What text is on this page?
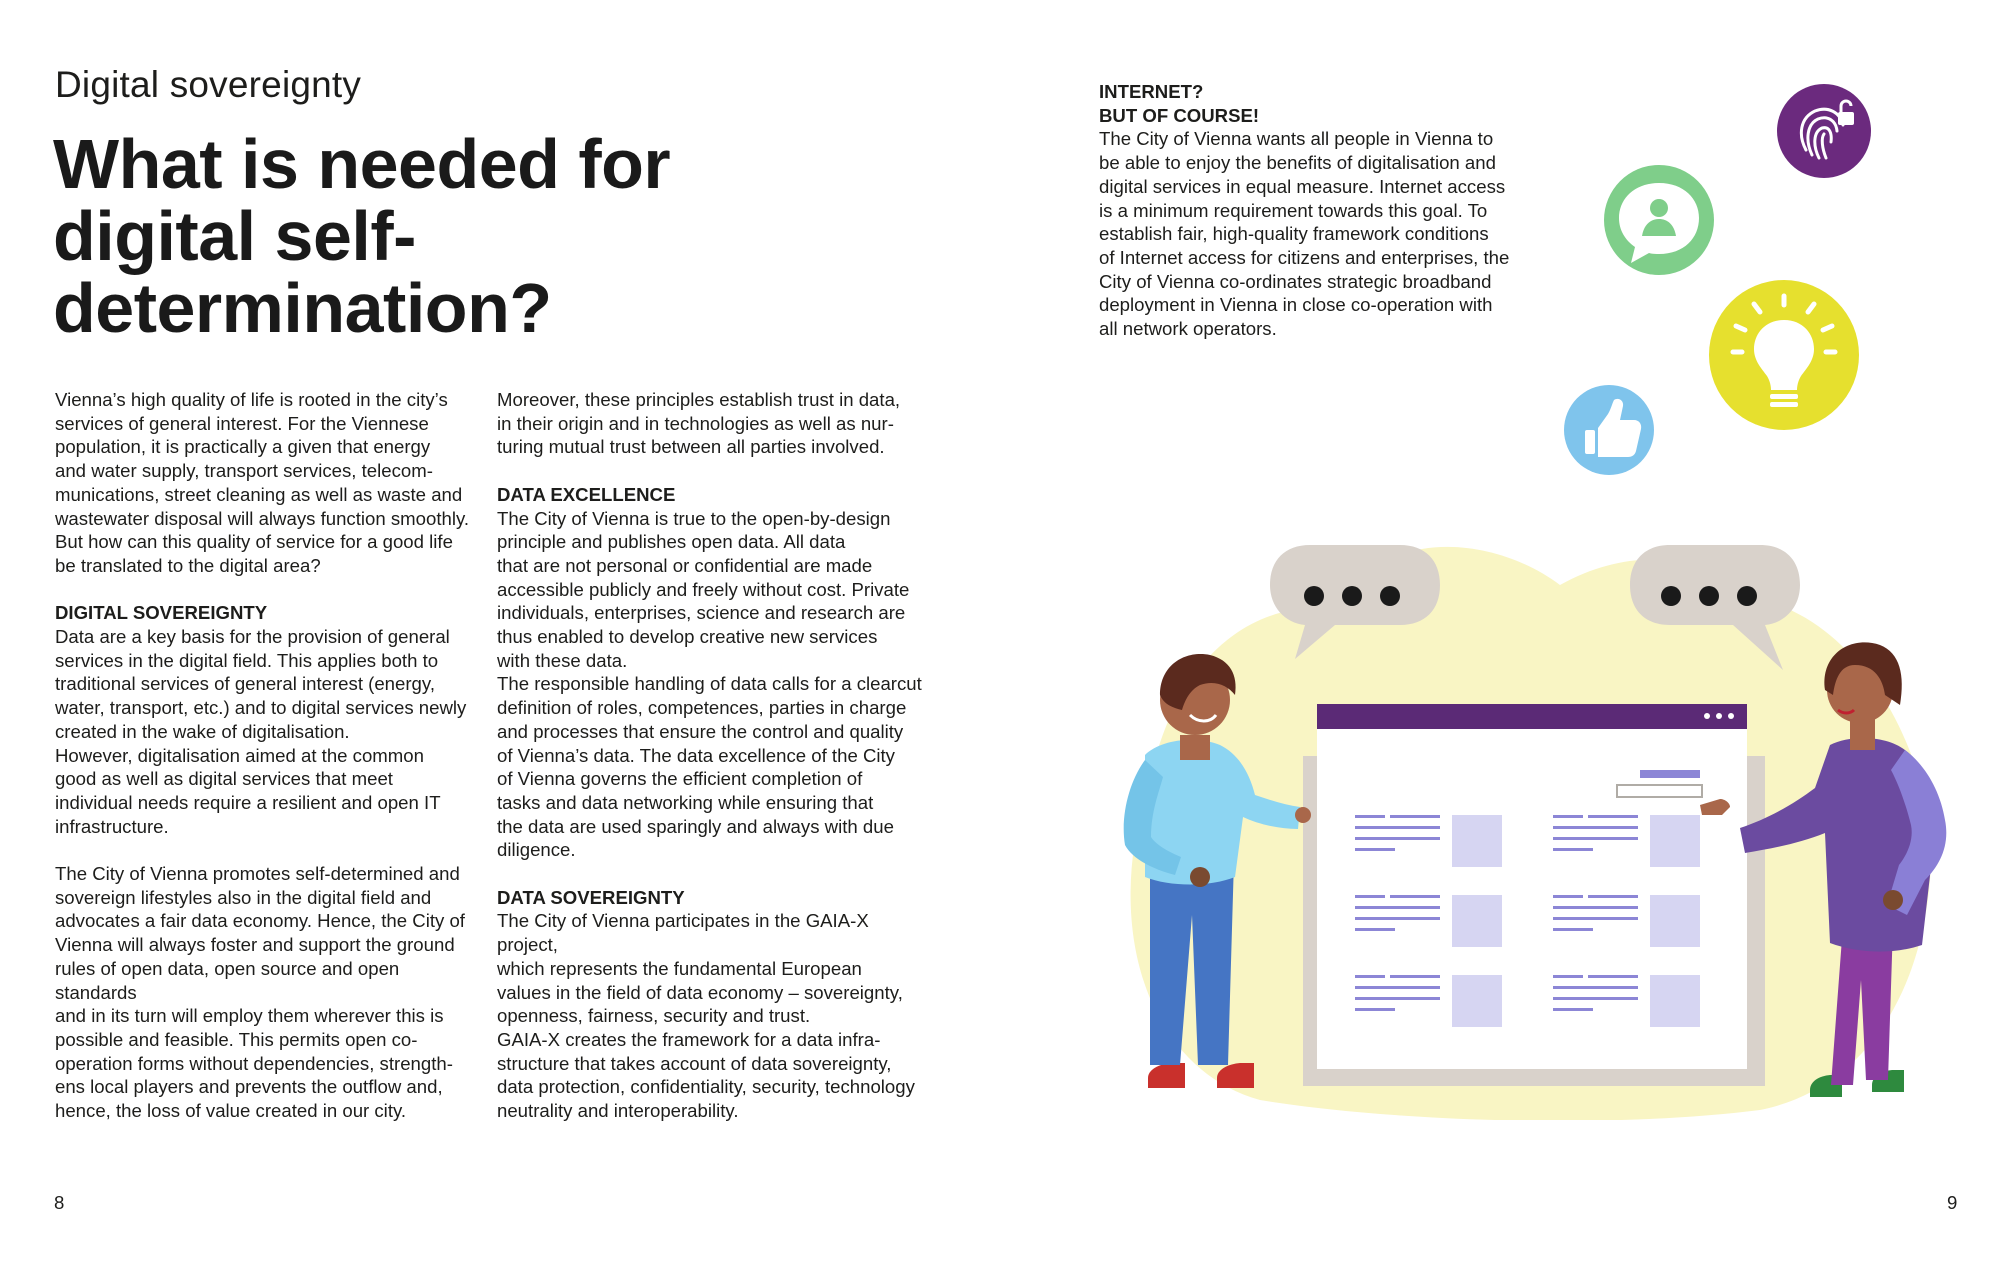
Digital sovereignty
What is needed for digital self-determination?

Vienna’s high quality of life is rooted in the city’s
services of general interest. For the Viennese
population, it is practically a given that energy
and water supply, transport services, telecom-
munications, street cleaning as well as waste and
wastewater disposal will always function smoothly.
But how can this quality of service for a good life
be translated to the digital area?

DIGITAL SOVEREIGNTY

Data are a key basis for the provision of general
services in the digital field. This applies both to
traditional services of general interest (energy,
water, transport, etc.) and to digital services newly
created in the wake of digitalisation.
However, digitalisation aimed at the common
good as well as digital services that meet
individual needs require a resilient and open IT
infrastructure.

The City of Vienna promotes self-determined and
sovereign lifestyles also in the digital field and
advocates a fair data economy. Hence, the City of
Vienna will always foster and support the ground
rules of open data, open source and open standards
and in its turn will employ them wherever this is
possible and feasible. This permits open co-
operation forms without dependencies, strength-
ens local players and prevents the outflow and,
hence, the loss of value created in our city.

Moreover, these principles establish trust in data,
in their origin and in technologies as well as nur-
turing mutual trust between all parties involved.

DATA EXCELLENCE

The City of Vienna is true to the open-by-design
principle and publishes open data. All data
that are not personal or confidential are made
accessible publicly and freely without cost. Private
individuals, enterprises, science and research are
thus enabled to develop creative new services
with these data.
The responsible handling of data calls for a clearcut
definition of roles, competences, parties in charge
and processes that ensure the control and quality
of Vienna’s data. The data excellence of the City
of Vienna governs the efficient completion of
tasks and data networking while ensuring that
the data are used sparingly and always with due
diligence.

DATA SOVEREIGNTY

The City of Vienna participates in the GAIA-X project,
which represents the fundamental European
values in the field of data economy – sovereignty,
openness, fairness, security and trust.
GAIA-X creates the framework for a data infra-
structure that takes account of data sovereignty,
data protection, confidentiality, security, technology
neutrality and interoperability.

INTERNET?
BUT OF COURSE!

The City of Vienna wants all people in Vienna to
be able to enjoy the benefits of digitalisation and
digital services in equal measure. Internet access
is a minimum requirement towards this goal. To
establish fair, high-quality framework conditions
of Internet access for citizens and enterprises, the
City of Vienna co-ordinates strategic broadband
deployment in Vienna in close co-operation with
all network operators.

8	9
